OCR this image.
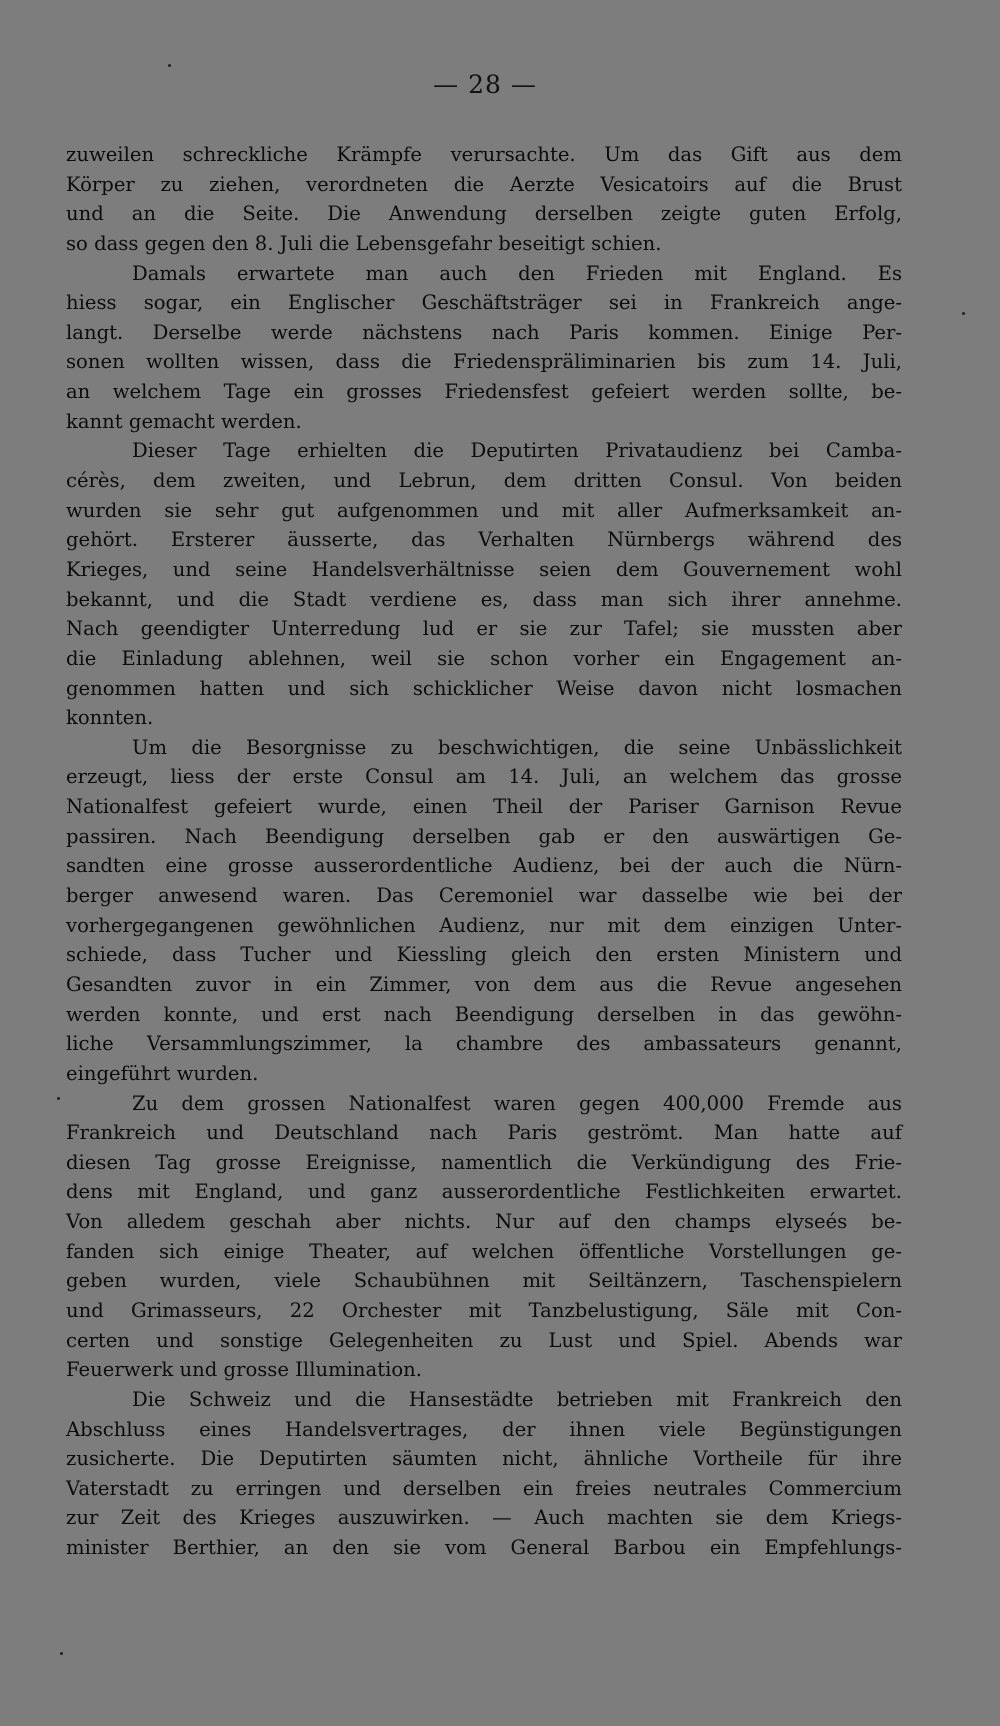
— 28 —
zuweilen schreckliche Krämpfe verursachte. Um das Gift aus dem
Körper zu ziehen, verordneten die Aerzte Vesicatoirs auf die Brust
und an die Seite. Die Anwendung derselben zeigte guten Erfolg,
so dass gegen den 8. Juli die Lebensgefahr beseitigt schien.
Damals erwartete man auch den Frieden mit England. Es
hiess sogar, ein Englischer Geschäftsträger sei in Frankreich ange-
langt. Derselbe werde nächstens nach Paris kommen. Einige Per-
sonen wollten wissen, dass die Friedenspräliminarien bis zum 14. Juli,
an welchem Tage ein grosses Friedensfest gefeiert werden sollte, be-
kannt gemacht werden.
Dieser Tage erhielten die Deputirten Privataudienz bei Camba-
cérès, dem zweiten, und Lebrun, dem dritten Consul. Von beiden
wurden sie sehr gut aufgenommen und mit aller Aufmerksamkeit an-
gehört. Ersterer äusserte, das Verhalten Nürnbergs während des
Krieges, und seine Handelsverhältnisse seien dem Gouvernement wohl
bekannt, und die Stadt verdiene es, dass man sich ihrer annehme.
Nach geendigter Unterredung lud er sie zur Tafel; sie mussten aber
die Einladung ablehnen, weil sie schon vorher ein Engagement an-
genommen hatten und sich schicklicher Weise davon nicht losmachen
konnten.
Um die Besorgnisse zu beschwichtigen, die seine Unbässlichkeit
erzeugt, liess der erste Consul am 14. Juli, an welchem das grosse
Nationalfest gefeiert wurde, einen Theil der Pariser Garnison Revue
passiren. Nach Beendigung derselben gab er den auswärtigen Ge-
sandten eine grosse ausserordentliche Audienz, bei der auch die Nürn-
berger anwesend waren. Das Ceremoniel war dasselbe wie bei der
vorhergegangenen gewöhnlichen Audienz, nur mit dem einzigen Unter-
schiede, dass Tucher und Kiessling gleich den ersten Ministern und
Gesandten zuvor in ein Zimmer, von dem aus die Revue angesehen
werden konnte, und erst nach Beendigung derselben in das gewöhn-
liche Versammlungszimmer, la chambre des ambassateurs genannt,
eingeführt wurden.
Zu dem grossen Nationalfest waren gegen 400,000 Fremde aus
Frankreich und Deutschland nach Paris geströmt. Man hatte auf
diesen Tag grosse Ereignisse, namentlich die Verkündigung des Frie-
dens mit England, und ganz ausserordentliche Festlichkeiten erwartet.
Von alledem geschah aber nichts. Nur auf den champs elyseés be-
fanden sich einige Theater, auf welchen öffentliche Vorstellungen ge-
geben wurden, viele Schaubühnen mit Seiltänzern, Taschenspielern
und Grimasseurs, 22 Orchester mit Tanzbelustigung, Säle mit Con-
certen und sonstige Gelegenheiten zu Lust und Spiel. Abends war
Feuerwerk und grosse Illumination.
Die Schweiz und die Hansestädte betrieben mit Frankreich den
Abschluss eines Handelsvertrages, der ihnen viele Begünstigungen
zusicherte. Die Deputirten säumten nicht, ähnliche Vortheile für ihre
Vaterstadt zu erringen und derselben ein freies neutrales Commercium
zur Zeit des Krieges auszuwirken. — Auch machten sie dem Kriegs-
minister Berthier, an den sie vom General Barbou ein Empfehlungs-
